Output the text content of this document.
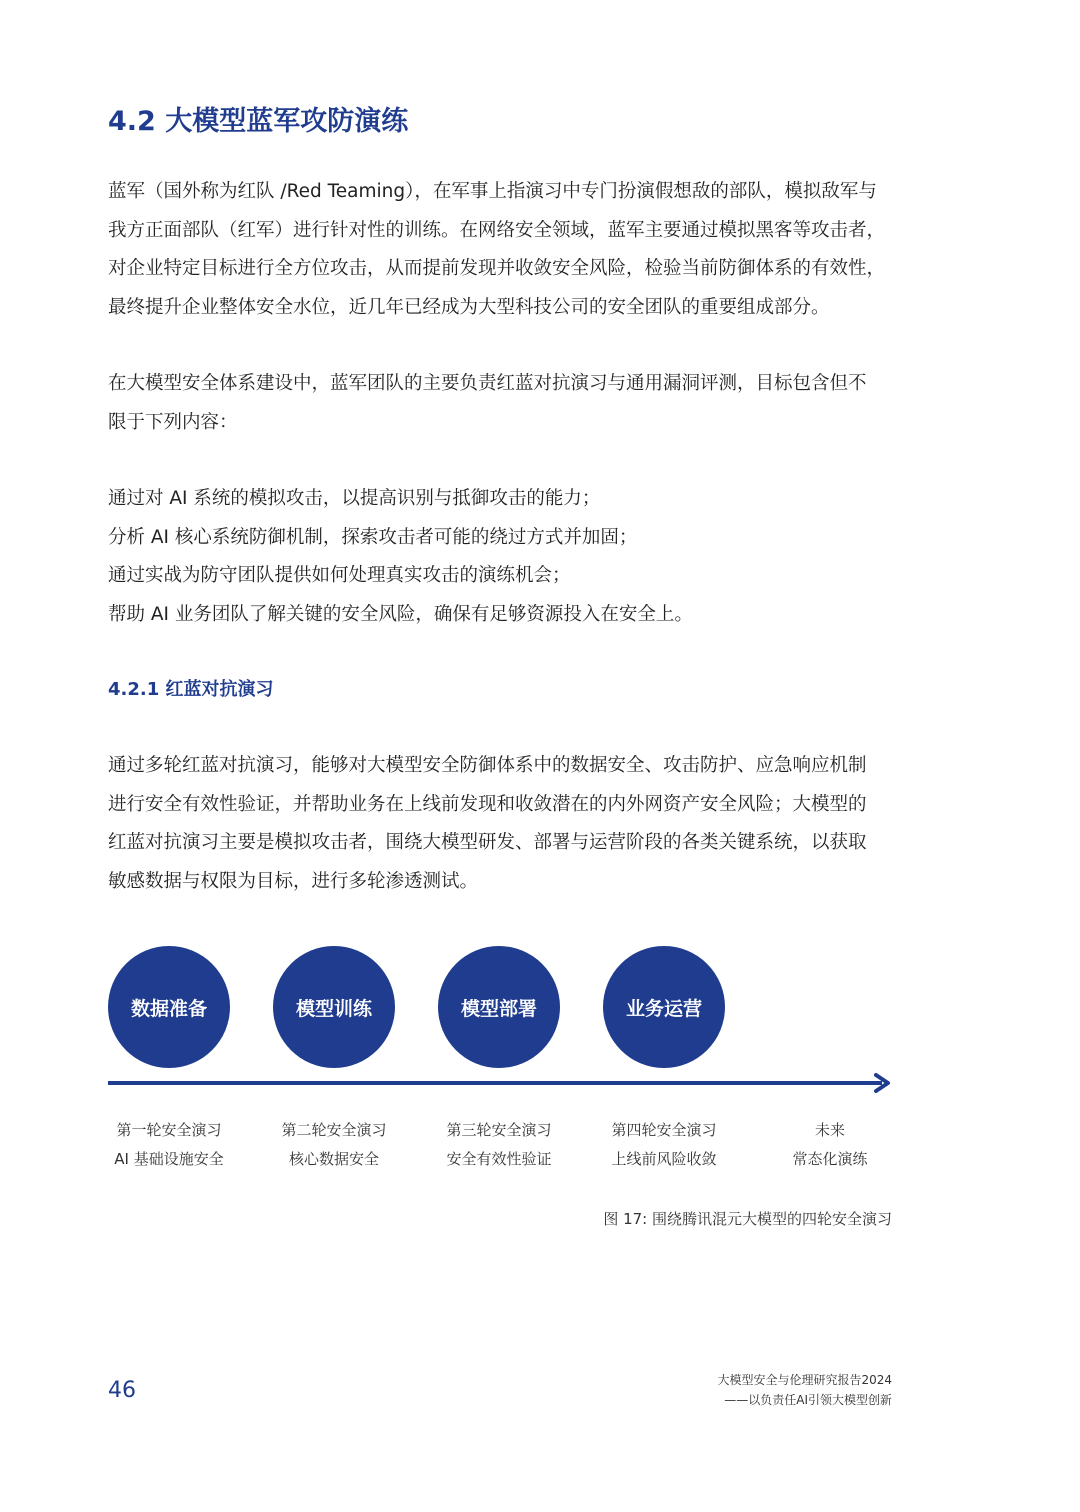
4.2 大模型蓝军攻防演练
蓝军（国外称为红队 /Red Teaming），在军事上指演习中专门扮演假想敌的部队，模拟敌军与
我方正面部队（红军）进行针对性的训练。在网络安全领域，蓝军主要通过模拟黑客等攻击者，
对企业特定目标进行全方位攻击，从而提前发现并收敛安全风险，检验当前防御体系的有效性，
最终提升企业整体安全水位，近几年已经成为大型科技公司的安全团队的重要组成部分。
在大模型安全体系建设中，蓝军团队的主要负责红蓝对抗演习与通用漏洞评测，目标包含但不
限于下列内容：
通过对 AI 系统的模拟攻击，以提高识别与抵御攻击的能力；
分析 AI 核心系统防御机制，探索攻击者可能的绕过方式并加固；
通过实战为防守团队提供如何处理真实攻击的演练机会；
帮助 AI 业务团队了解关键的安全风险，确保有足够资源投入在安全上。
4.2.1 红蓝对抗演习
通过多轮红蓝对抗演习，能够对大模型安全防御体系中的数据安全、攻击防护、应急响应机制
进行安全有效性验证，并帮助业务在上线前发现和收敛潜在的内外网资产安全风险；大模型的
红蓝对抗演习主要是模拟攻击者，围绕大模型研发、部署与运营阶段的各类关键系统，以获取
敏感数据与权限为目标，进行多轮渗透测试。
数据准备	模型训练	模型部署	业务运营
第一轮安全演习
AI 基础设施安全
第二轮安全演习
核心数据安全
第三轮安全演习
安全有效性验证
第四轮安全演习
上线前风险收敛
未来
常态化演练
图 17: 围绕腾讯混元大模型的四轮安全演习
46	大模型安全与伦理研究报告2024
——以负责任AI引领大模型创新
